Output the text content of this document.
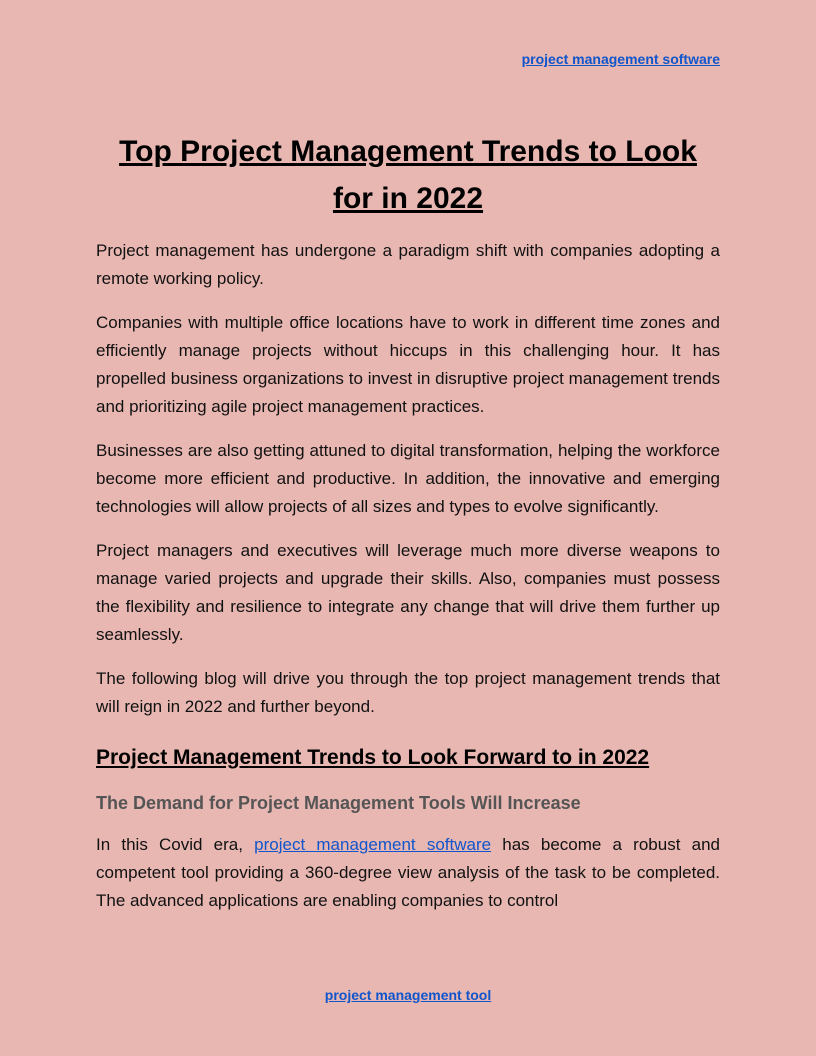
project management software
Top Project Management Trends to Look for in 2022

Project management has undergone a paradigm shift with companies adopting a remote working policy.

Companies with multiple office locations have to work in different time zones and efficiently manage projects without hiccups in this challenging hour. It has propelled business organizations to invest in disruptive project management trends and prioritizing agile project management practices.

Businesses are also getting attuned to digital transformation, helping the workforce become more efficient and productive. In addition, the innovative and emerging technologies will allow projects of all sizes and types to evolve significantly.

Project managers and executives will leverage much more diverse weapons to manage varied projects and upgrade their skills. Also, companies must possess the flexibility and resilience to integrate any change that will drive them further up seamlessly.

The following blog will drive you through the top project management trends that will reign in 2022 and further beyond.

Project Management Trends to Look Forward to in 2022
The Demand for Project Management Tools Will Increase

In this Covid era, project management software has become a robust and competent tool providing a 360-degree view analysis of the task to be completed. The advanced applications are enabling companies to control

project management tool
